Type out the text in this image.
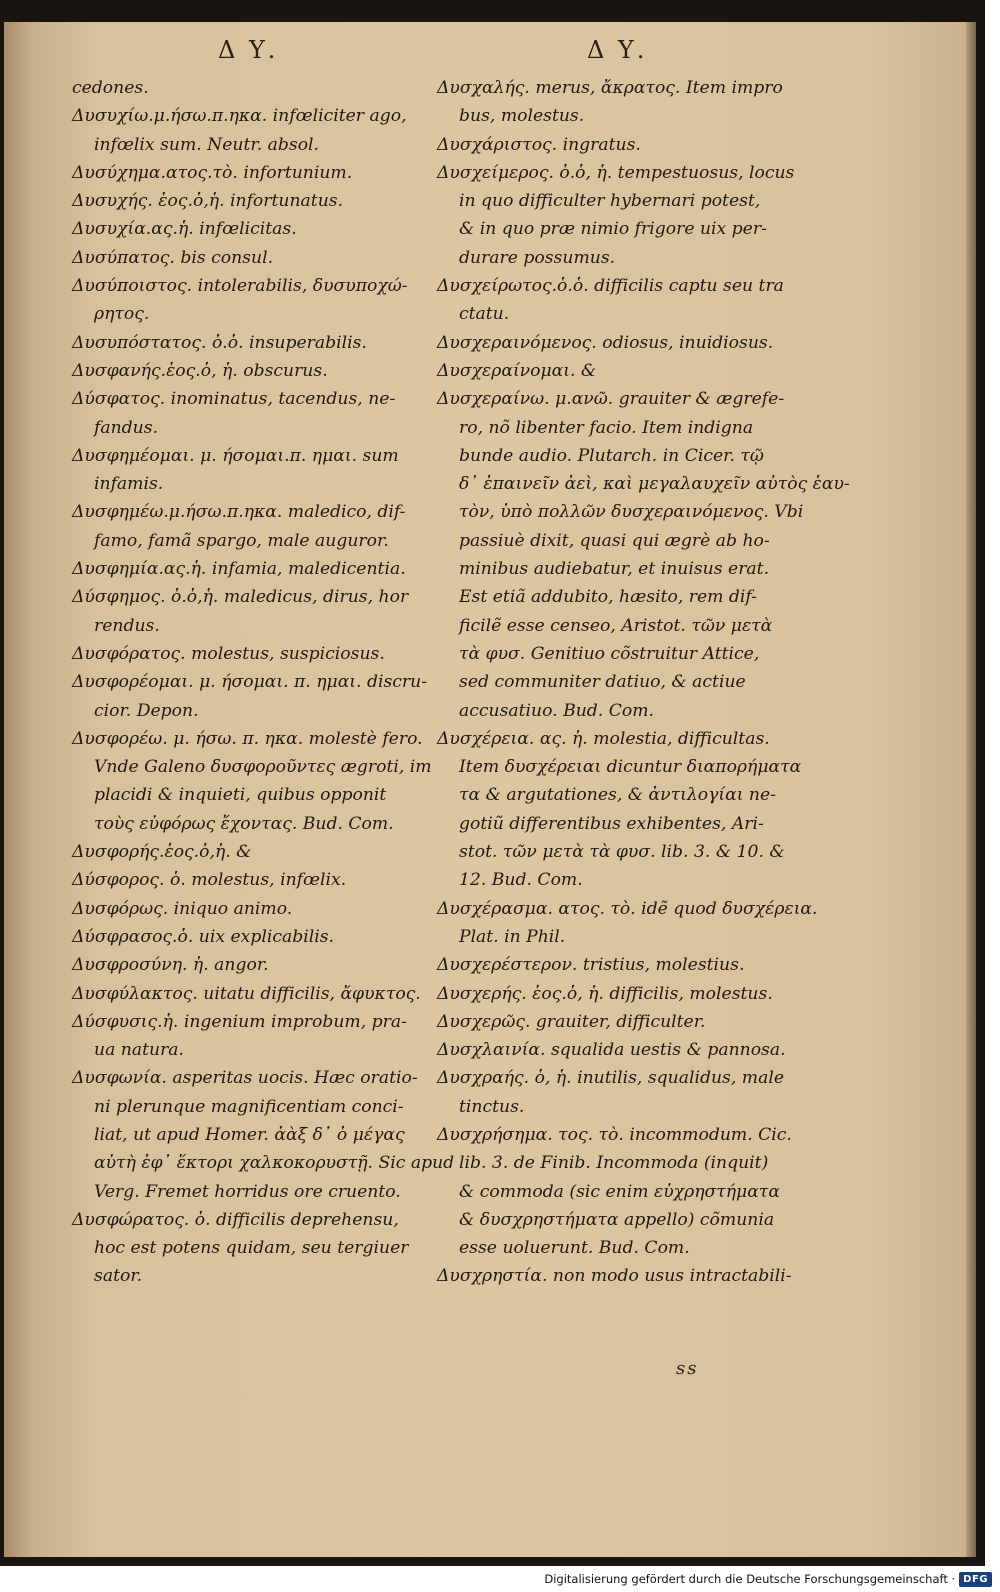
Δ Υ.	Δ Υ.
cedones.
Δυσυχίω.μ.ήσω.π.ηκα. infœliciter ago,
infœlix sum. Neutr. absol.
Δυσύχημα.ατος.τὸ. infortunium.
Δυσυχής. ἑος.ὁ,ἡ. infortunatus.
Δυσυχία.ας.ἡ. infœlicitas.
Δυσύπατος. bis consul.
Δυσύποιστος. intolerabilis, δυσυποχώ-
ρητος.
Δυσυπόστατος. ὁ.ὁ. insuperabilis.
Δυσφανής.ἑος.ὁ, ἡ. obscurus.
Δύσφατος. inominatus, tacendus, ne-
fandus.
Δυσφημέομαι. μ. ήσομαι.π. ημαι. sum
infamis.
Δυσφημέω.μ.ήσω.π.ηκα. maledico, dif-
famo, famã spargo, male auguror.
Δυσφημία.ας.ἡ. infamia, maledicentia.
Δύσφημος. ὁ.ὁ,ἡ. maledicus, dirus, hor
rendus.
Δυσφόρατος. molestus, suspiciosus.
Δυσφορέομαι. μ. ήσομαι. π. ημαι. discru-
cior. Depon.
Δυσφορέω. μ. ήσω. π. ηκα. molestè fero.
Vnde Galeno δυσφοροῦντες ægroti, im
placidi & inquieti, quibus opponit
τοὺς εὐφόρως ἔχοντας. Bud. Com.
Δυσφορής.ἑος.ὁ,ἡ. &
Δύσφορος. ὁ. molestus, infœlix.
Δυσφόρως. iniquo animo.
Δύσφρασος.ὁ. uix explicabilis.
Δυσφροσύνη. ἡ. angor.
Δυσφύλακτος. uitatu difficilis, ἄφυκτος.
Δύσφυσις.ἡ. ingenium improbum, pra-
ua natura.
Δυσφωνία. asperitas uocis. Hæc oratio-
ni plerunque magnificentiam conci-
liat, ut apud Homer. ἀὰξ δ᾽ ὁ μέγας
αὐτὴ ἐφ᾽ ἕκτορι χαλκοκορυστῇ. Sic apud
Verg. Fremet horridus ore cruento.
Δυσφώρατος. ὁ. difficilis deprehensu,
hoc est potens quidam, seu tergiuer
sator.
Δυσχαλής. merus, ἄκρατος. Item impro
bus, molestus.
Δυσχάριστος. ingratus.
Δυσχείμερος. ὁ.ὁ, ἡ. tempestuosus, locus
in quo difficulter hybernari potest,
& in quo præ nimio frigore uix per-
durare possumus.
Δυσχείρωτος.ὁ.ὁ. difficilis captu seu tra
ctatu.
Δυσχεραινόμενος. odiosus, inuidiosus.
Δυσχεραίνομαι. &
Δυσχεραίνω. μ.ανῶ. grauiter & ægrefe-
ro, nõ libenter facio. Item indigna
bunde audio. Plutarch. in Cicer. τῷ
δ᾽ ἐπαινεῖν ἀεὶ, καὶ μεγαλαυχεῖν αὐτὸς ἑαυ-
τὸν, ὑπὸ πολλῶν δυσχεραινόμενος. Vbi
passiuè dixit, quasi qui ægrè ab ho-
minibus audiebatur, et inuisus erat.
Est etiã addubito, hæsito, rem dif-
ficilẽ esse censeo, Aristot. τῶν μετὰ
τὰ φυσ. Genitiuo cõstruitur Attice,
sed communiter datiuo, & actiue
accusatiuo. Bud. Com.
Δυσχέρεια. ας. ἡ. molestia, difficultas.
Item δυσχέρειαι dicuntur διαπορήματα
τα & argutationes, & ἀντιλογίαι ne-
gotiũ differentibus exhibentes, Ari-
stot. τῶν μετὰ τὰ φυσ. lib. 3. & 10. &
12. Bud. Com.
Δυσχέρασμα. ατος. τὸ. idẽ quod δυσχέρεια.
Plat. in Phil.
Δυσχερέστερον. tristius, molestius.
Δυσχερής. ἑος.ὁ, ἡ. difficilis, molestus.
Δυσχερῶς. grauiter, difficulter.
Δυσχλαινία. squalida uestis & pannosa.
Δυσχραής. ὁ, ἡ. inutilis, squalidus, male
tinctus.
Δυσχρήσημα. τος. τὸ. incommodum. Cic.
lib. 3. de Finib. Incommoda (inquit)
& commoda (sic enim εὐχρηστήματα
& δυσχρηστήματα appello) cõmunia
esse uoluerunt. Bud. Com.
Δυσχρηστία. non modo usus intractabili-
ss
Digitalisierung gefördert durch die Deutsche Forschungsgemeinschaft · DFG
